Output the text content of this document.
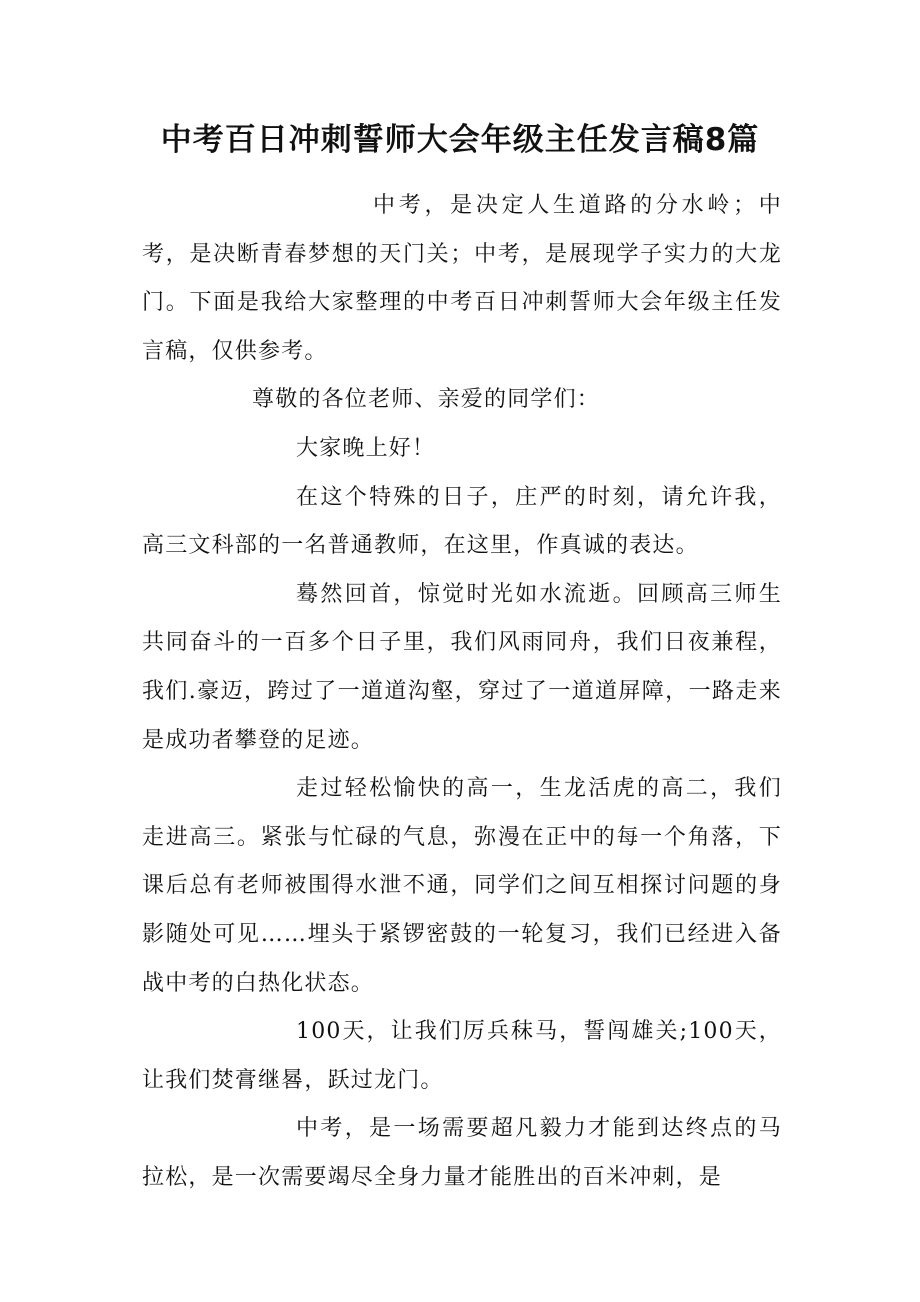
中考百日冲刺誓师大会年级主任发言稿8篇

中考，是决定人生道路的分水岭；中考，是决断青春梦想的天门关；中考，是展现学子实力的大龙门。下面是我给大家整理的中考百日冲刺誓师大会年级主任发言稿，仅供参考。

尊敬的各位老师、亲爱的同学们：

大家晚上好！

在这个特殊的日子，庄严的时刻，请允许我，高三文科部的一名普通教师，在这里，作真诚的表达。

蓦然回首，惊觉时光如水流逝。回顾高三师生共同奋斗的一百多个日子里，我们风雨同舟，我们日夜兼程，我们.豪迈，跨过了一道道沟壑，穿过了一道道屏障，一路走来是成功者攀登的足迹。

走过轻松愉快的高一，生龙活虎的高二，我们走进高三。紧张与忙碌的气息，弥漫在正中的每一个角落，下课后总有老师被围得水泄不通，同学们之间互相探讨问题的身影随处可见……埋头于紧锣密鼓的一轮复习，我们已经进入备战中考的白热化状态。

100天，让我们厉兵秣马，誓闯雄关;100天，让我们焚膏继晷，跃过龙门。

中考，是一场需要超凡毅力才能到达终点的马拉松，是一次需要竭尽全身力量才能胜出的百米冲刺，是
